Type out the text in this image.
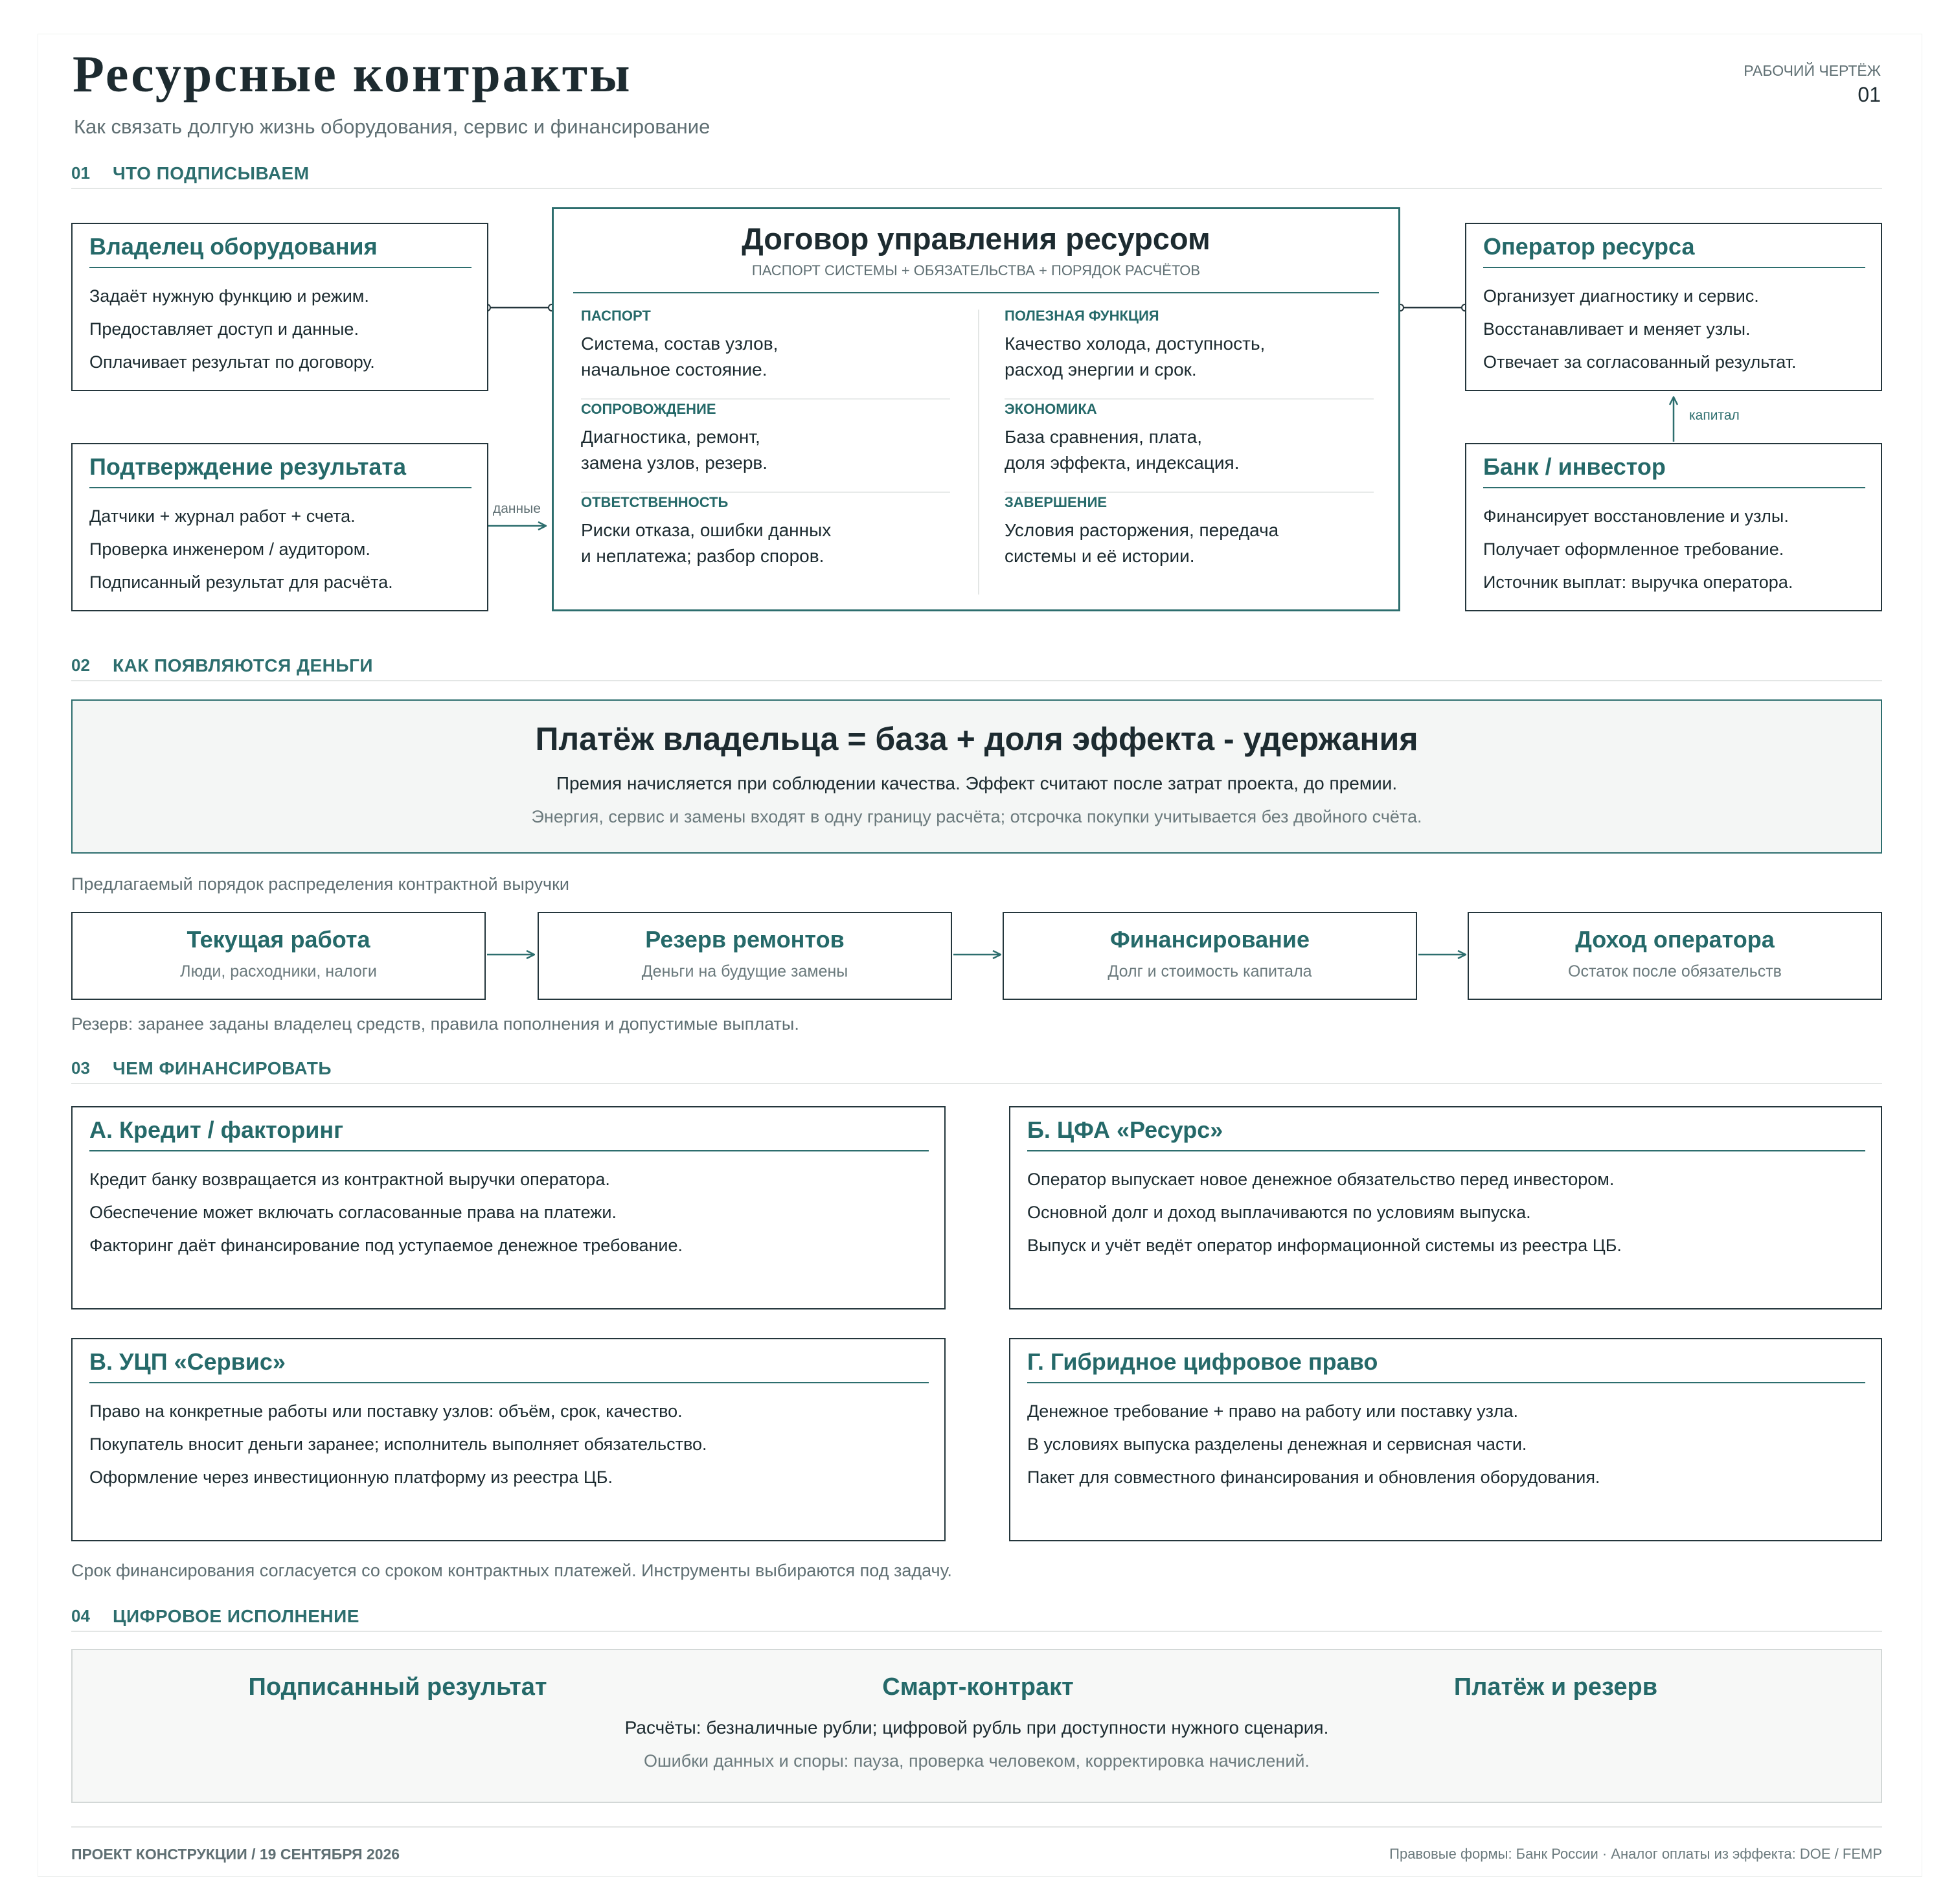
Ресурсные контракты
Как связать долгую жизнь оборудования, сервис и финансирование
РАБОЧИЙ ЧЕРТЁЖ
01
01 ЧТО ПОДПИСЫВАЕМ
Владелец оборудования
Задаёт нужную функцию и режим.
Предоставляет доступ и данные.
Оплачивает результат по договору.
Подтверждение результата
Датчики + журнал работ + счета.
Проверка инженером / аудитором.
Подписанный результат для расчёта.
данные
Договор управления ресурсом
ПАСПОРТ СИСТЕМЫ + ОБЯЗАТЕЛЬСТВА + ПОРЯДОК РАСЧЁТОВ
ПАСПОРТ
Система, состав узлов,
начальное состояние.
ПОЛЕЗНАЯ ФУНКЦИЯ
Качество холода, доступность,
расход энергии и срок.
СОПРОВОЖДЕНИЕ
Диагностика, ремонт,
замена узлов, резерв.
ЭКОНОМИКА
База сравнения, плата,
доля эффекта, индексация.
ОТВЕТСТВЕННОСТЬ
Риски отказа, ошибки данных
и неплатежа; разбор споров.
ЗАВЕРШЕНИЕ
Условия расторжения, передача
системы и её истории.
Оператор ресурса
Организует диагностику и сервис.
Восстанавливает и меняет узлы.
Отвечает за согласованный результат.
капитал
Банк / инвестор
Финансирует восстановление и узлы.
Получает оформленное требование.
Источник выплат: выручка оператора.
02 КАК ПОЯВЛЯЮТСЯ ДЕНЬГИ
Платёж владельца = база + доля эффекта - удержания
Премия начисляется при соблюдении качества. Эффект считают после затрат проекта, до премии.
Энергия, сервис и замены входят в одну границу расчёта; отсрочка покупки учитывается без двойного счёта.
Предлагаемый порядок распределения контрактной выручки
Текущая работа
Люди, расходники, налоги
Резерв ремонтов
Деньги на будущие замены
Финансирование
Долг и стоимость капитала
Доход оператора
Остаток после обязательств
Резерв: заранее заданы владелец средств, правила пополнения и допустимые выплаты.
03 ЧЕМ ФИНАНСИРОВАТЬ
А. Кредит / факторинг
Кредит банку возвращается из контрактной выручки оператора.
Обеспечение может включать согласованные права на платежи.
Факторинг даёт финансирование под уступаемое денежное требование.
Б. ЦФА «Ресурс»
Оператор выпускает новое денежное обязательство перед инвестором.
Основной долг и доход выплачиваются по условиям выпуска.
Выпуск и учёт ведёт оператор информационной системы из реестра ЦБ.
В. УЦП «Сервис»
Право на конкретные работы или поставку узлов: объём, срок, качество.
Покупатель вносит деньги заранее; исполнитель выполняет обязательство.
Оформление через инвестиционную платформу из реестра ЦБ.
Г. Гибридное цифровое право
Денежное требование + право на работу или поставку узла.
В условиях выпуска разделены денежная и сервисная части.
Пакет для совместного финансирования и обновления оборудования.
Срок финансирования согласуется со сроком контрактных платежей. Инструменты выбираются под задачу.
04 ЦИФРОВОЕ ИСПОЛНЕНИЕ
Подписанный результат	Смарт-контракт	Платёж и резерв
Расчёты: безналичные рубли; цифровой рубль при доступности нужного сценария.
Ошибки данных и споры: пауза, проверка человеком, корректировка начислений.
ПРОЕКТ КОНСТРУКЦИИ / 19 СЕНТЯБРЯ 2026	Правовые формы: Банк России · Аналог оплаты из эффекта: DOE / FEMP
